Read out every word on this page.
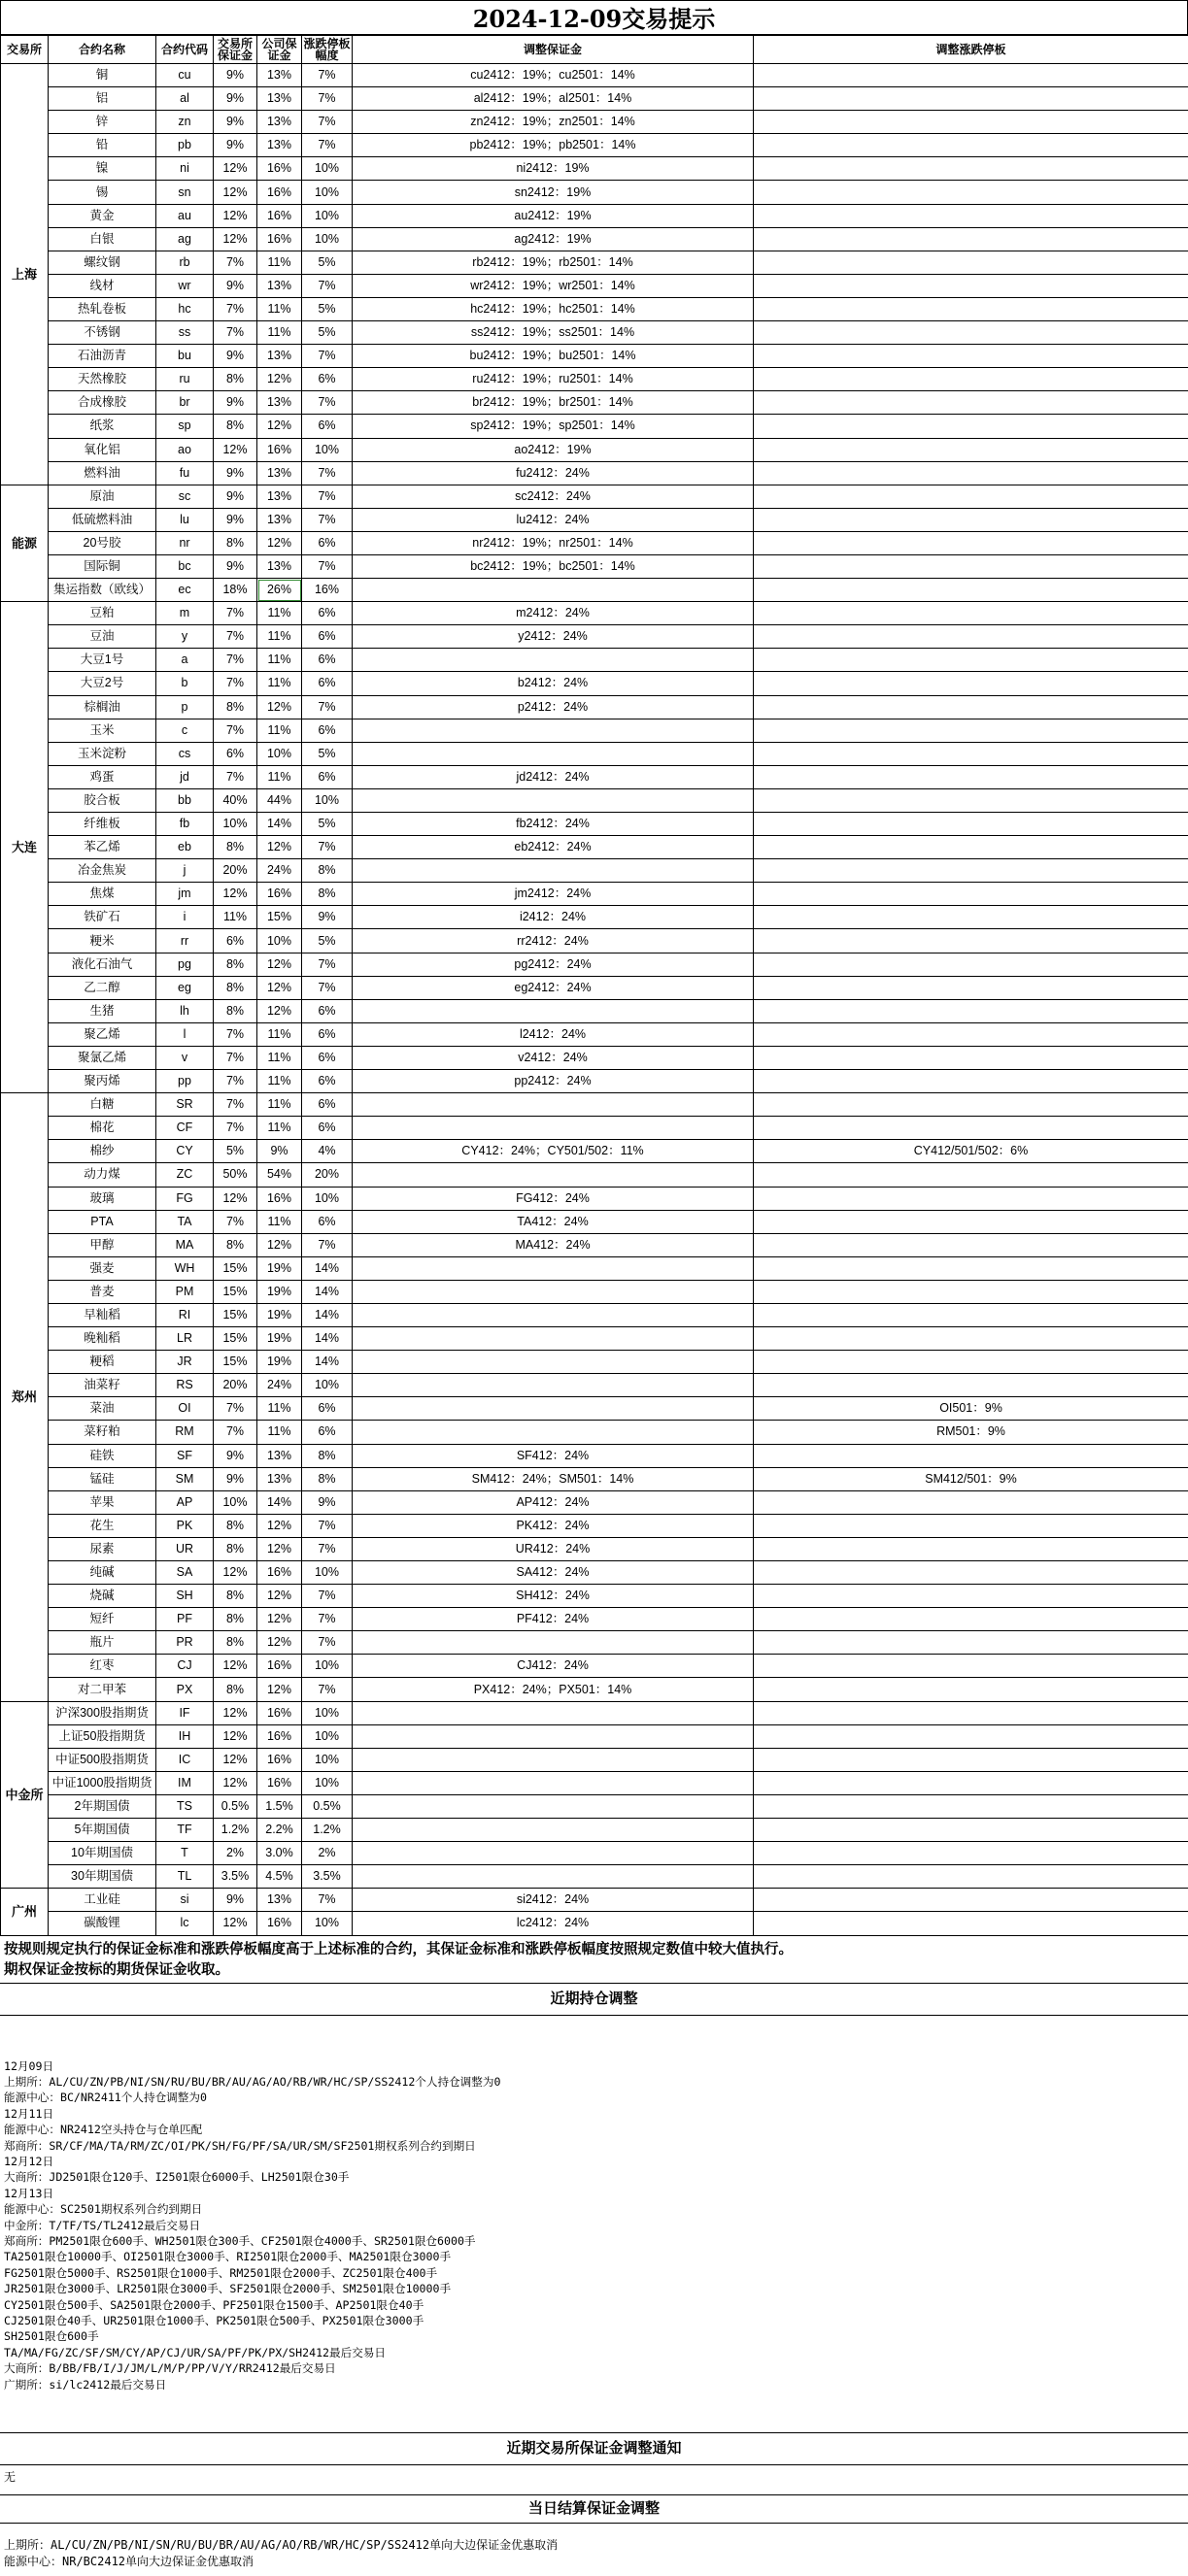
2024-12-09交易提示
交易所	合约名称	合约代码	交易所保证金	公司保证金	涨跌停板幅度	调整保证金	调整涨跌停板
上海	铜	cu	9%	13%	7%	cu2412：19%；cu2501：14%	
	铝	al	9%	13%	7%	al2412：19%；al2501：14%	
	锌	zn	9%	13%	7%	zn2412：19%；zn2501：14%	
	铅	pb	9%	13%	7%	pb2412：19%；pb2501：14%	
	镍	ni	12%	16%	10%	ni2412：19%	
	锡	sn	12%	16%	10%	sn2412：19%	
	黄金	au	12%	16%	10%	au2412：19%	
	白银	ag	12%	16%	10%	ag2412：19%	
	螺纹钢	rb	7%	11%	5%	rb2412：19%；rb2501：14%	
	线材	wr	9%	13%	7%	wr2412：19%；wr2501：14%	
	热轧卷板	hc	7%	11%	5%	hc2412：19%；hc2501：14%	
	不锈钢	ss	7%	11%	5%	ss2412：19%；ss2501：14%	
	石油沥青	bu	9%	13%	7%	bu2412：19%；bu2501：14%	
	天然橡胶	ru	8%	12%	6%	ru2412：19%；ru2501：14%	
	合成橡胶	br	9%	13%	7%	br2412：19%；br2501：14%	
	纸浆	sp	8%	12%	6%	sp2412：19%；sp2501：14%	
	氧化铝	ao	12%	16%	10%	ao2412：19%	
	燃料油	fu	9%	13%	7%	fu2412：24%	
能源	原油	sc	9%	13%	7%	sc2412：24%	
	低硫燃料油	lu	9%	13%	7%	lu2412：24%	
	20号胶	nr	8%	12%	6%	nr2412：19%；nr2501：14%	
	国际铜	bc	9%	13%	7%	bc2412：19%；bc2501：14%	
	集运指数（欧线）	ec	18%	26%	16%		
大连	豆粕	m	7%	11%	6%	m2412：24%	
	豆油	y	7%	11%	6%	y2412：24%	
	大豆1号	a	7%	11%	6%		
	大豆2号	b	7%	11%	6%	b2412：24%	
	棕榈油	p	8%	12%	7%	p2412：24%	
	玉米	c	7%	11%	6%		
	玉米淀粉	cs	6%	10%	5%		
	鸡蛋	jd	7%	11%	6%	jd2412：24%	
	胶合板	bb	40%	44%	10%		
	纤维板	fb	10%	14%	5%	fb2412：24%	
	苯乙烯	eb	8%	12%	7%	eb2412：24%	
	冶金焦炭	j	20%	24%	8%		
	焦煤	jm	12%	16%	8%	jm2412：24%	
	铁矿石	i	11%	15%	9%	i2412：24%	
	粳米	rr	6%	10%	5%	rr2412：24%	
	液化石油气	pg	8%	12%	7%	pg2412：24%	
	乙二醇	eg	8%	12%	7%	eg2412：24%	
	生猪	lh	8%	12%	6%		
	聚乙烯	l	7%	11%	6%	l2412：24%	
	聚氯乙烯	v	7%	11%	6%	v2412：24%	
	聚丙烯	pp	7%	11%	6%	pp2412：24%	
郑州	白糖	SR	7%	11%	6%		
	棉花	CF	7%	11%	6%		
	棉纱	CY	5%	9%	4%	CY412：24%；CY501/502：11%	CY412/501/502：6%
	动力煤	ZC	50%	54%	20%		
	玻璃	FG	12%	16%	10%	FG412：24%	
	PTA	TA	7%	11%	6%	TA412：24%	
	甲醇	MA	8%	12%	7%	MA412：24%	
	强麦	WH	15%	19%	14%		
	普麦	PM	15%	19%	14%		
	早籼稻	RI	15%	19%	14%		
	晚籼稻	LR	15%	19%	14%		
	粳稻	JR	15%	19%	14%		
	油菜籽	RS	20%	24%	10%		
	菜油	OI	7%	11%	6%		OI501：9%
	菜籽粕	RM	7%	11%	6%		RM501：9%
	硅铁	SF	9%	13%	8%	SF412：24%	
	锰硅	SM	9%	13%	8%	SM412：24%；SM501：14%	SM412/501：9%
	苹果	AP	10%	14%	9%	AP412：24%	
	花生	PK	8%	12%	7%	PK412：24%	
	尿素	UR	8%	12%	7%	UR412：24%	
	纯碱	SA	12%	16%	10%	SA412：24%	
	烧碱	SH	8%	12%	7%	SH412：24%	
	短纤	PF	8%	12%	7%	PF412：24%	
	瓶片	PR	8%	12%	7%		
	红枣	CJ	12%	16%	10%	CJ412：24%	
	对二甲苯	PX	8%	12%	7%	PX412：24%；PX501：14%	
中金所	沪深300股指期货	IF	12%	16%	10%		
	上证50股指期货	IH	12%	16%	10%		
	中证500股指期货	IC	12%	16%	10%		
	中证1000股指期货	IM	12%	16%	10%		
	2年期国债	TS	0.5%	1.5%	0.5%		
	5年期国债	TF	1.2%	2.2%	1.2%		
	10年期国债	T	2%	3.0%	2%		
	30年期国债	TL	3.5%	4.5%	3.5%		
广州	工业硅	si	9%	13%	7%	si2412：24%	
	碳酸锂	lc	12%	16%	10%	lc2412：24%	
按规则规定执行的保证金标准和涨跌停板幅度高于上述标准的合约，其保证金标准和涨跌停板幅度按照规定数值中较大值执行。
期权保证金按标的期货保证金收取。
近期持仓调整
12月09日
上期所：AL/CU/ZN/PB/NI/SN/RU/BU/BR/AU/AG/AO/RB/WR/HC/SP/SS2412个人持仓调整为0
能源中心：BC/NR2411个人持仓调整为0
12月11日
能源中心：NR2412空头持仓与仓单匹配
郑商所：SR/CF/MA/TA/RM/ZC/OI/PK/SH/FG/PF/SA/UR/SM/SF2501期权系列合约到期日
12月12日
大商所：JD2501限仓120手、I2501限仓6000手、LH2501限仓30手
12月13日
能源中心：SC2501期权系列合约到期日
中金所：T/TF/TS/TL2412最后交易日
郑商所：PM2501限仓600手、WH2501限仓300手、CF2501限仓4000手、SR2501限仓6000手
TA2501限仓10000手、OI2501限仓3000手、RI2501限仓2000手、MA2501限仓3000手
FG2501限仓5000手、RS2501限仓1000手、RM2501限仓2000手、ZC2501限仓400手
JR2501限仓3000手、LR2501限仓3000手、SF2501限仓2000手、SM2501限仓10000手
CY2501限仓500手、SA2501限仓2000手、PF2501限仓1500手、AP2501限仓40手
CJ2501限仓40手、UR2501限仓1000手、PK2501限仓500手、PX2501限仓3000手
SH2501限仓600手
TA/MA/FG/ZC/SF/SM/CY/AP/CJ/UR/SA/PF/PK/PX/SH2412最后交易日
大商所：B/BB/FB/I/J/JM/L/M/P/PP/V/Y/RR2412最后交易日
广期所：si/lc2412最后交易日
近期交易所保证金调整通知
无
当日结算保证金调整
上期所：AL/CU/ZN/PB/NI/SN/RU/BU/BR/AU/AG/AO/RB/WR/HC/SP/SS2412单向大边保证金优惠取消
能源中心：NR/BC2412单向大边保证金优惠取消
